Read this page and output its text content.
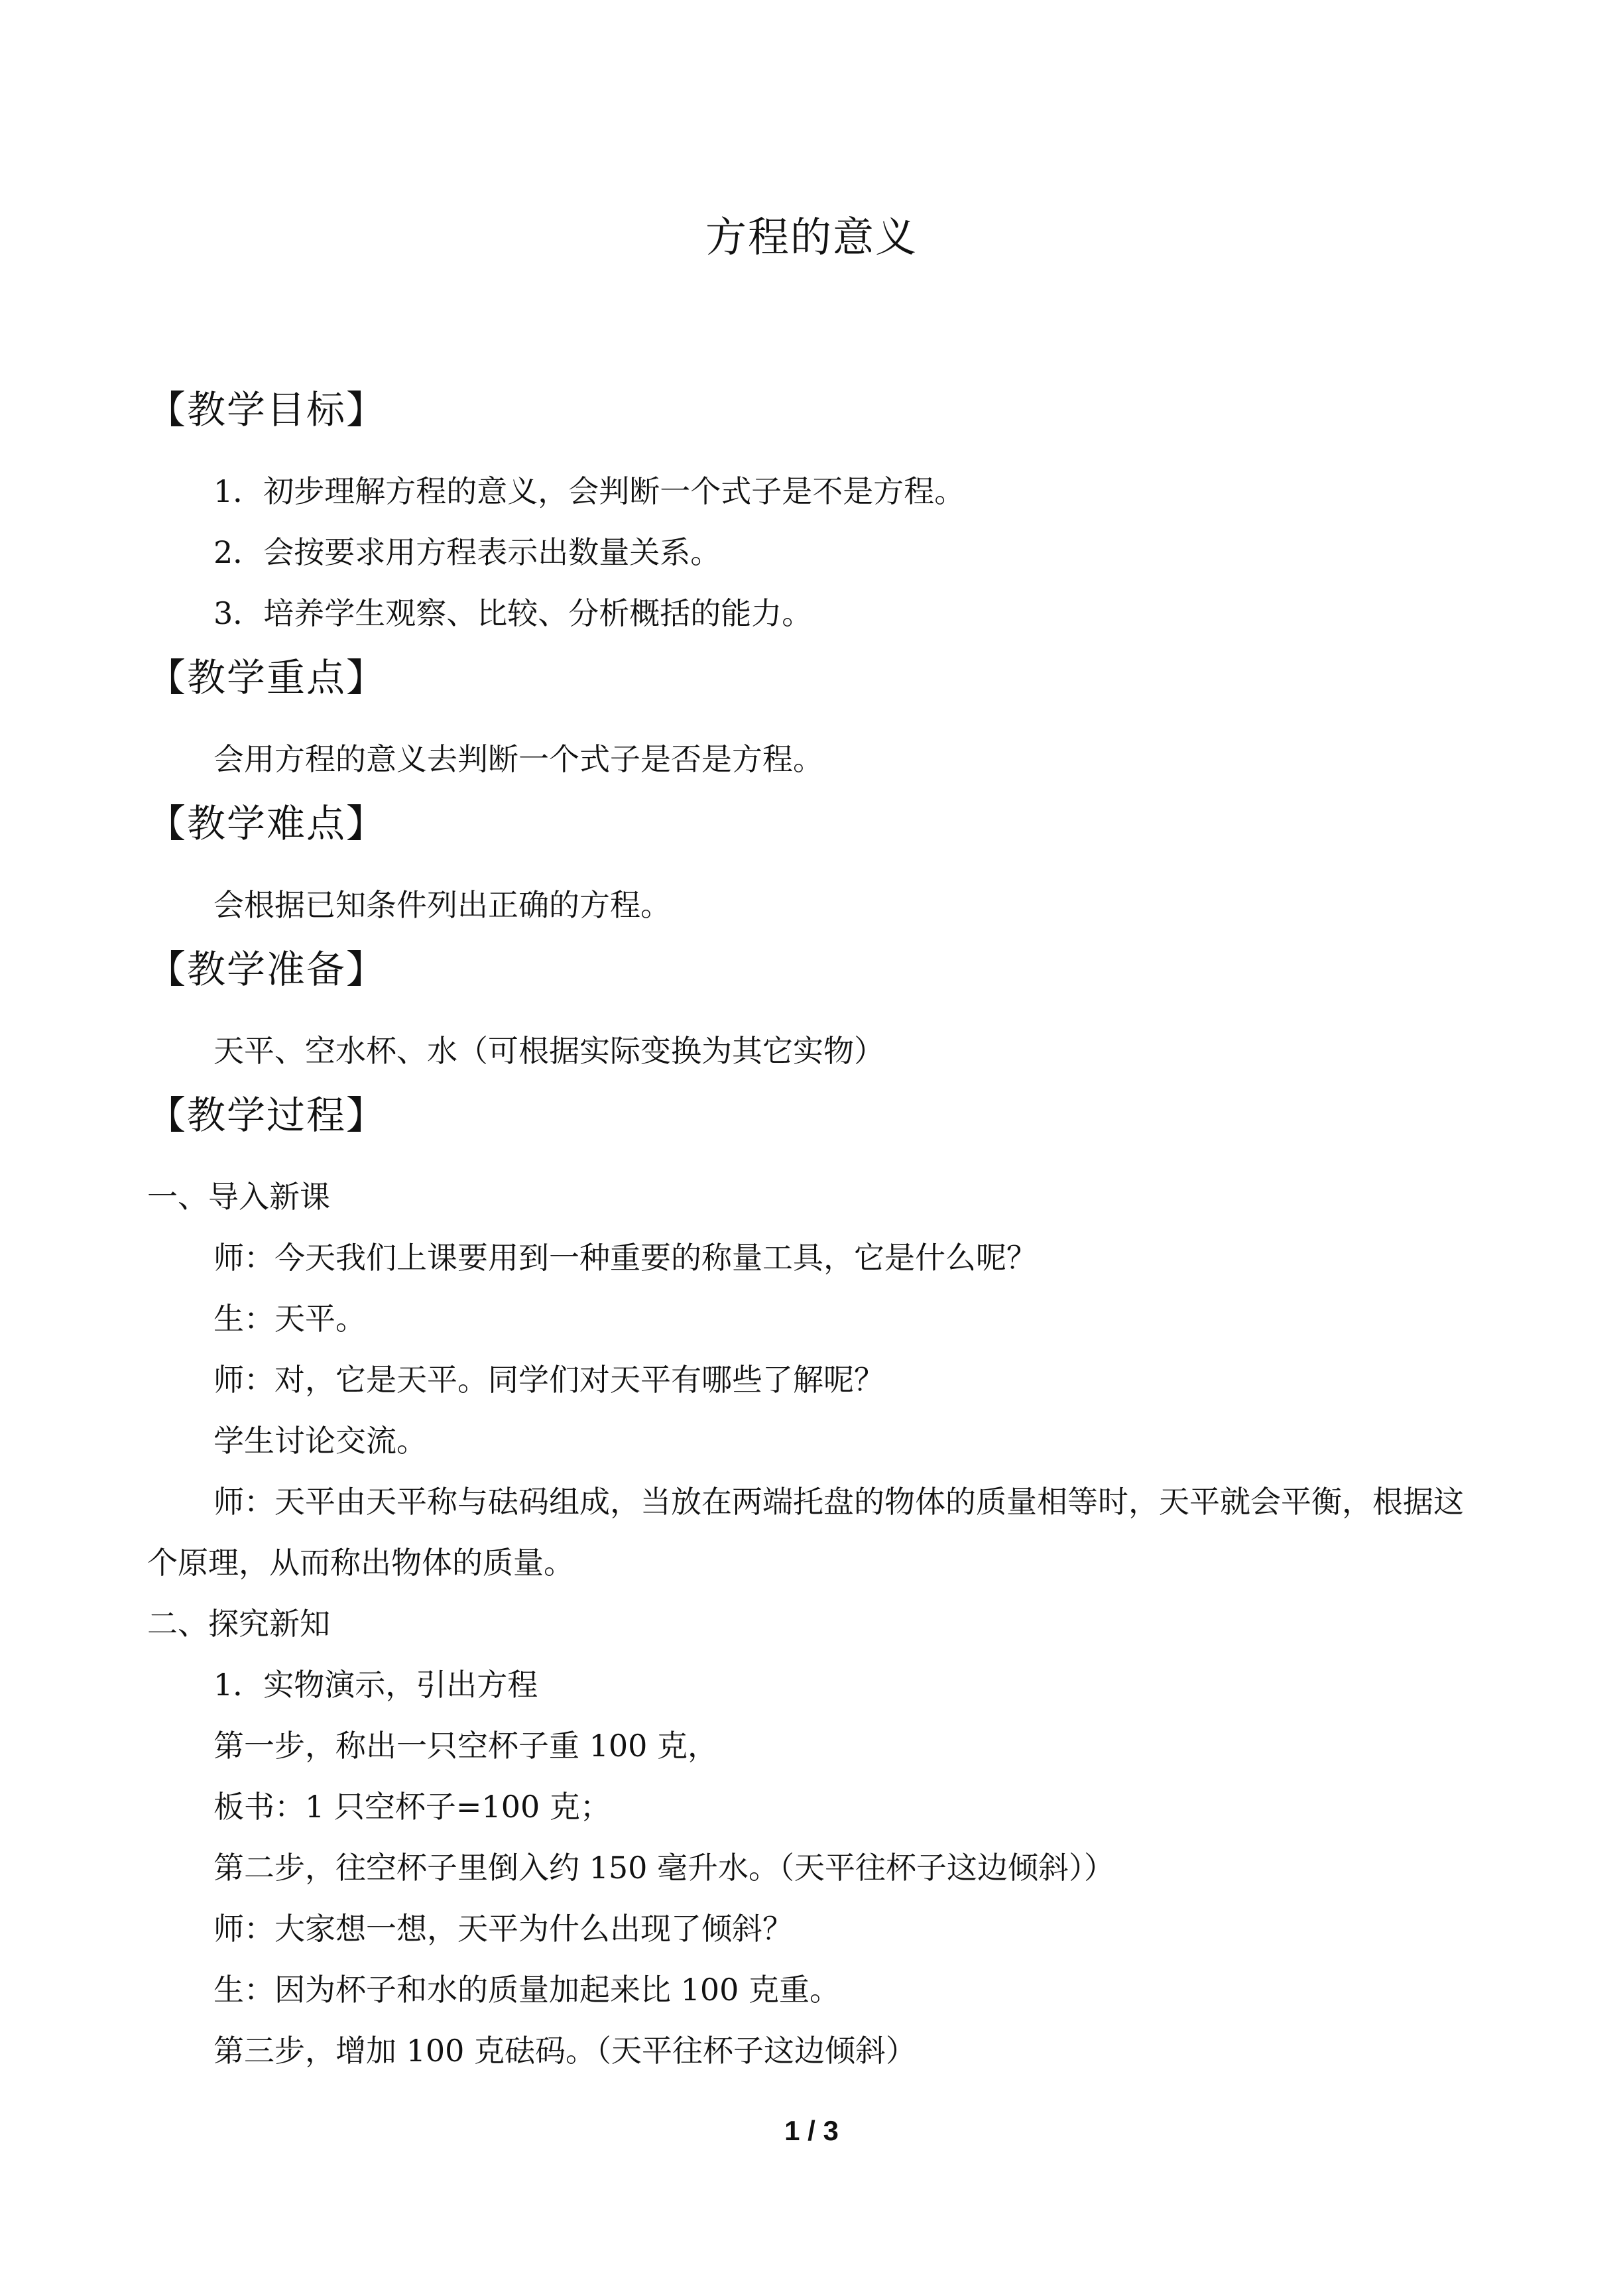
方程的意义
【教学目标】
1．初步理解方程的意义，会判断一个式子是不是方程。
2．会按要求用方程表示出数量关系。
3．培养学生观察、比较、分析概括的能力。
【教学重点】
会用方程的意义去判断一个式子是否是方程。
【教学难点】
会根据已知条件列出正确的方程。
【教学准备】
天平、空水杯、水（可根据实际变换为其它实物）
【教学过程】
一、导入新课
师：今天我们上课要用到一种重要的称量工具，它是什么呢？
生：天平。
师：对，它是天平。同学们对天平有哪些了解呢？
学生讨论交流。
师：天平由天平称与砝码组成，当放在两端托盘的物体的质量相等时，天平就会平衡，根据这个原理，从而称出物体的质量。
二、探究新知
1．实物演示，引出方程
第一步，称出一只空杯子重 100 克，
板书：1 只空杯子=100 克；
第二步，往空杯子里倒入约 150 毫升水。（天平往杯子这边倾斜））
师：大家想一想，天平为什么出现了倾斜？
生：因为杯子和水的质量加起来比 100 克重。
第三步，增加 100 克砝码。（天平往杯子这边倾斜）
1 / 3
